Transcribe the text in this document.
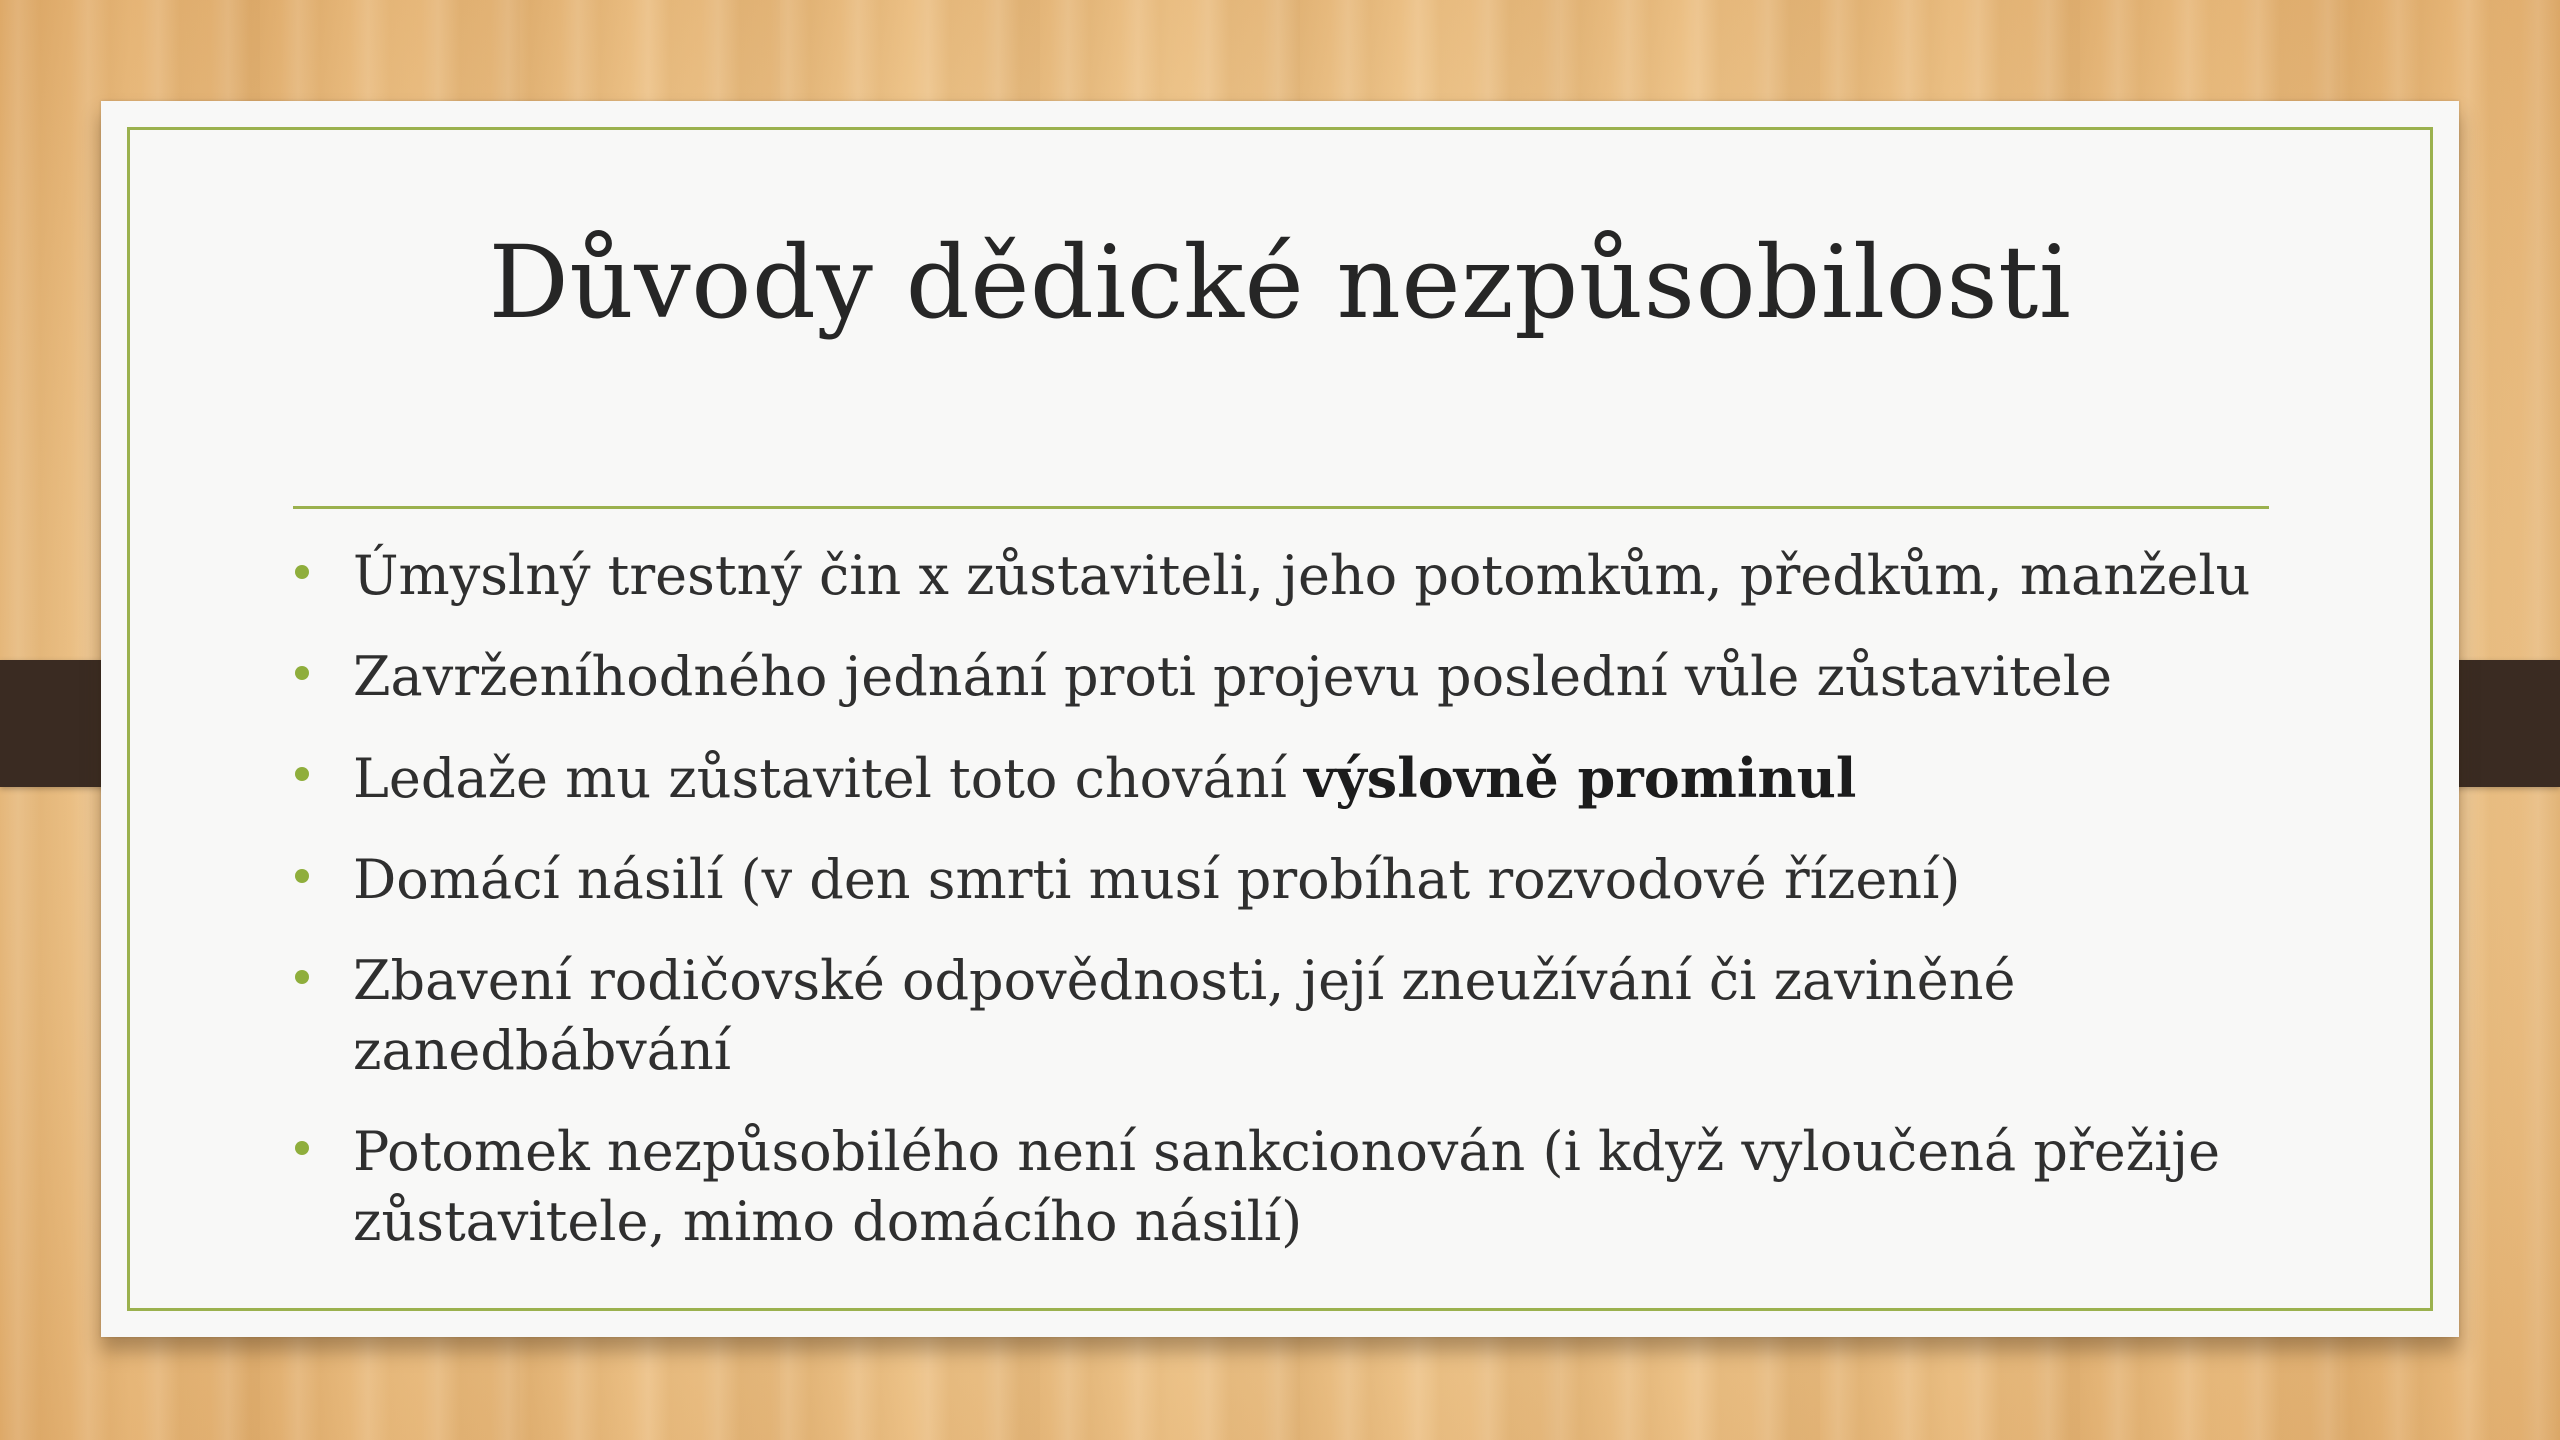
Důvody dědické nezpůsobilosti
Úmyslný trestný čin x zůstaviteli, jeho potomkům, předkům, manželu
Zavrženíhodného jednání proti projevu poslední vůle zůstavitele
Ledaže mu zůstavitel toto chování výslovně prominul
Domácí násilí (v den smrti musí probíhat rozvodové řízení)
Zbavení rodičovské odpovědnosti, její zneužívání či zaviněné zanedbábvání
Potomek nezpůsobilého není sankcionován (i když vyloučená přežije zůstavitele, mimo domácího násilí)
